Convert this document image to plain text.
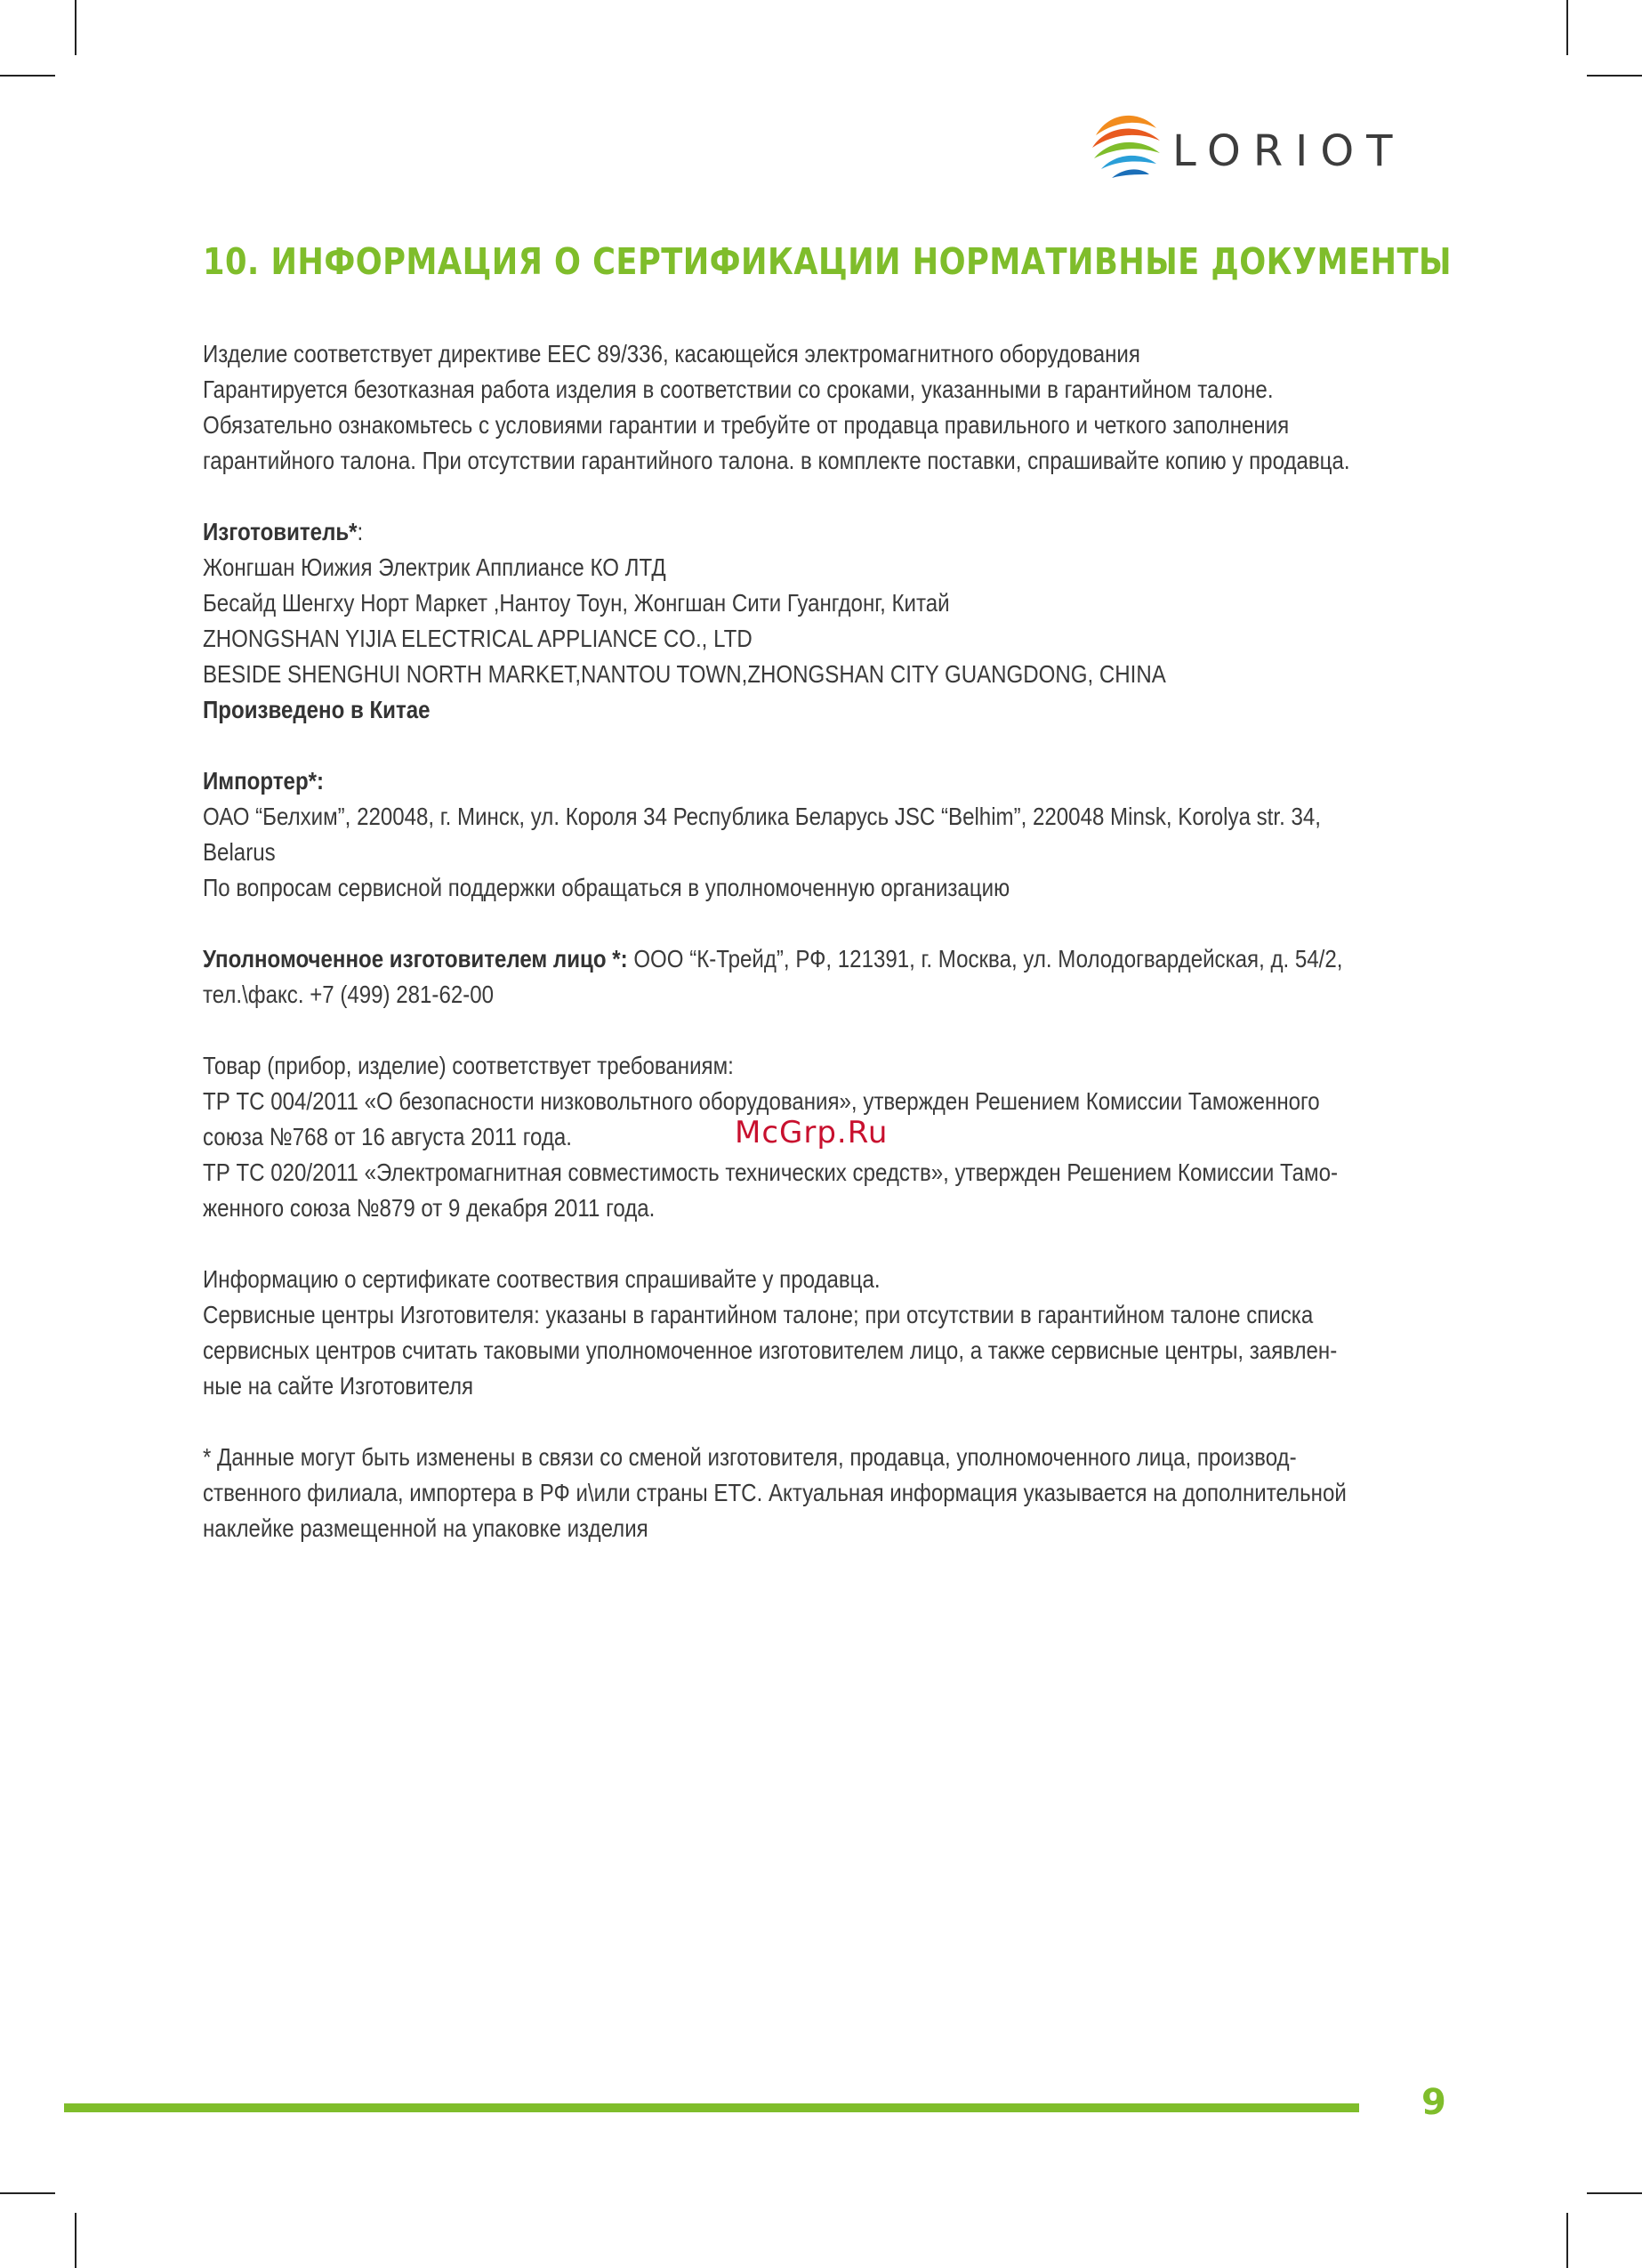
LORIOT
10. ИНФОРМАЦИЯ О СЕРТИФИКАЦИИ НОРМАТИВНЫЕ ДОКУМЕНТЫ
Изделие соответствует директиве ЕЕС 89/336, касающейся электромагнитного оборудования
Гарантируется безотказная работа изделия в соответствии со сроками, указанными в гарантийном талоне.
Обязательно ознакомьтесь с условиями гарантии и требуйте от продавца правильного и четкого заполнения
гарантийного талона. При отсутствии гарантийного талона. в комплекте поставки, спрашивайте копию у продавца.
Изготовитель*:
Жонгшан Юижия Электрик Апплиансе КО ЛТД
Бесайд Шенгху Норт Маркет ,Нантоу Тоун, Жонгшан Сити Гуангдонг, Китай
ZHONGSHAN YIJIA ELECTRICAL APPLIANCE CO., LTD
BESIDE SHENGHUI NORTH MARKET,NANTOU TOWN,ZHONGSHAN CITY GUANGDONG, CHINA
Произведено в Китае
Импортер*:
ОАО “Белхим”, 220048, г. Минск, ул. Короля 34 Республика Беларусь JSC “Belhim”, 220048 Minsk, Korolya str. 34,
Belarus
По вопросам сервисной поддержки обращаться в уполномоченную организацию
Уполномоченное изготовителем лицо *: ООО “К-Трейд”, РФ, 121391, г. Москва, ул. Молодогвардейская, д. 54/2,
тел.\факс. +7 (499) 281-62-00
Товар (прибор, изделие) соответствует требованиям:
ТР ТС 004/2011 «О безопасности низковольтного оборудования», утвержден Решением Комиссии Таможенного
союза №768 от 16 августа 2011 года.
ТР ТС 020/2011 «Электромагнитная совместимость технических средств», утвержден Решением Комиссии Тамо-
женного союза №879 от 9 декабря 2011 года.
Информацию о сертификате соотвествия спрашивайте у продавца.
Сервисные центры Изготовителя: указаны в гарантийном талоне; при отсутствии в гарантийном талоне списка
сервисных центров считать таковыми уполномоченное изготовителем лицо, а также сервисные центры, заявлен-
ные на сайте Изготовителя
* Данные могут быть изменены в связи со сменой изготовителя, продавца, уполномоченного лица, производ-
ственного филиала, импортера в РФ и\или страны ЕТС. Актуальная информация указывается на дополнительной
наклейке размещенной на упаковке изделия
McGrp.Ru
9
